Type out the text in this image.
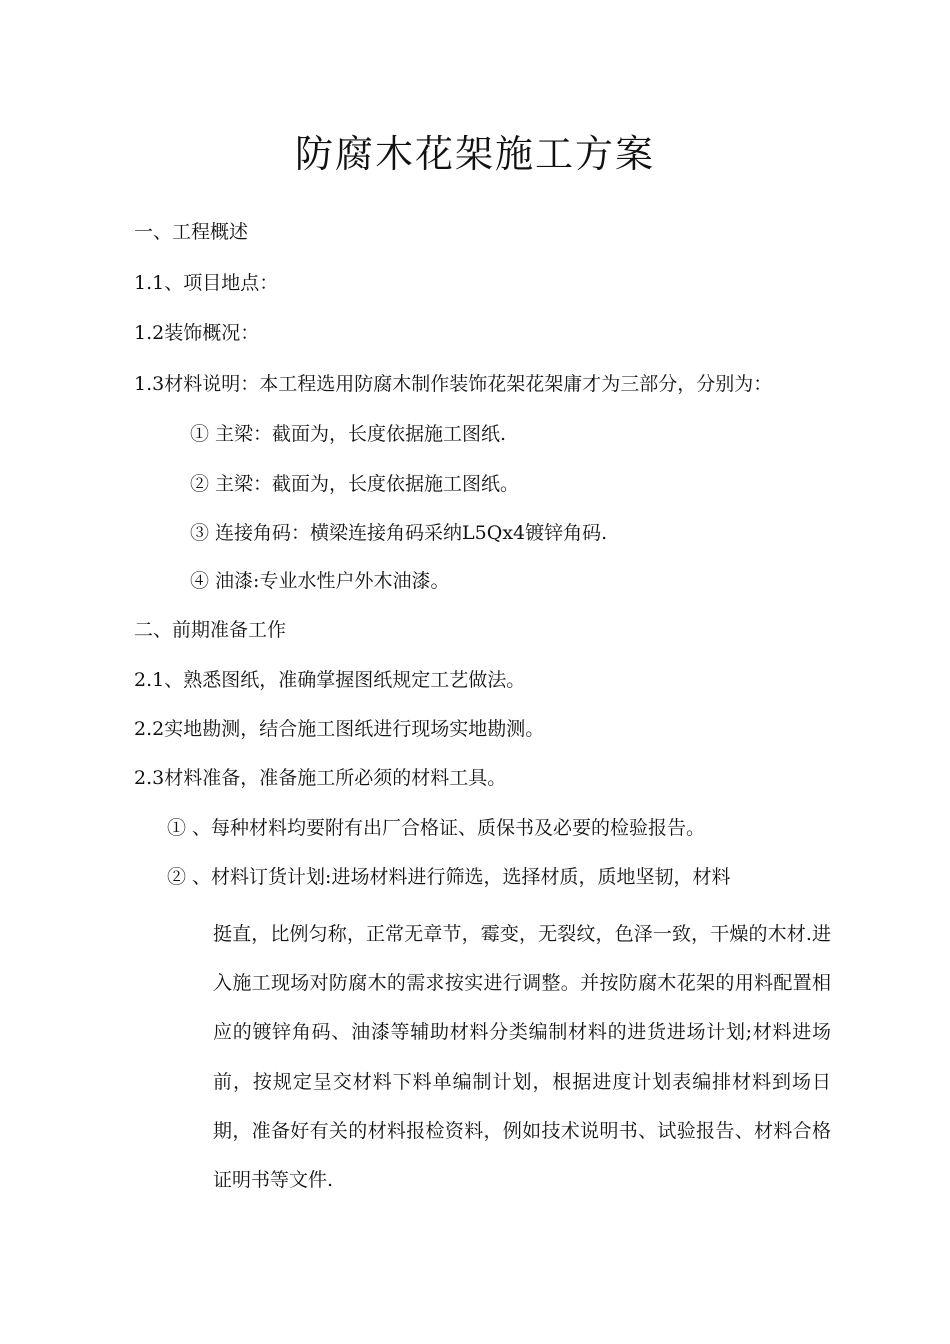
防腐木花架施工方案
一、工程概述
1.1、项目地点：
1.2装饰概况：
1.3材料说明：本工程选用防腐木制作装饰花架花架庸才为三部分，分别为：
① 主梁：截面为，长度依据施工图纸.
② 主梁：截面为，长度依据施工图纸。
③ 连接角码：横梁连接角码采纳L5Qx4镀锌角码.
④ 油漆:专业水性户外木油漆。
二、前期准备工作
2.1、熟悉图纸，准确掌握图纸规定工艺做法。
2.2实地勘测，结合施工图纸进行现场实地勘测。
2.3材料准备，准备施工所必须的材料工具。
① 、每种材料均要附有出厂合格证、质保书及必要的检验报告。
② 、材料订货计划:进场材料进行筛选，选择材质，质地坚韧，材料
挺直，比例匀称，正常无章节，霉变，无裂纹，色泽一致，干燥的木材.进入施工现场对防腐木的需求按实进行调整。并按防腐木花架的用料配置相应的镀锌角码、油漆等辅助材料分类编制材料的进货进场计划;材料进场前，按规定呈交材料下料单编制计划，根据进度计划表编排材料到场日期，准备好有关的材料报检资料，例如技术说明书、试验报告、材料合格证明书等文件.
